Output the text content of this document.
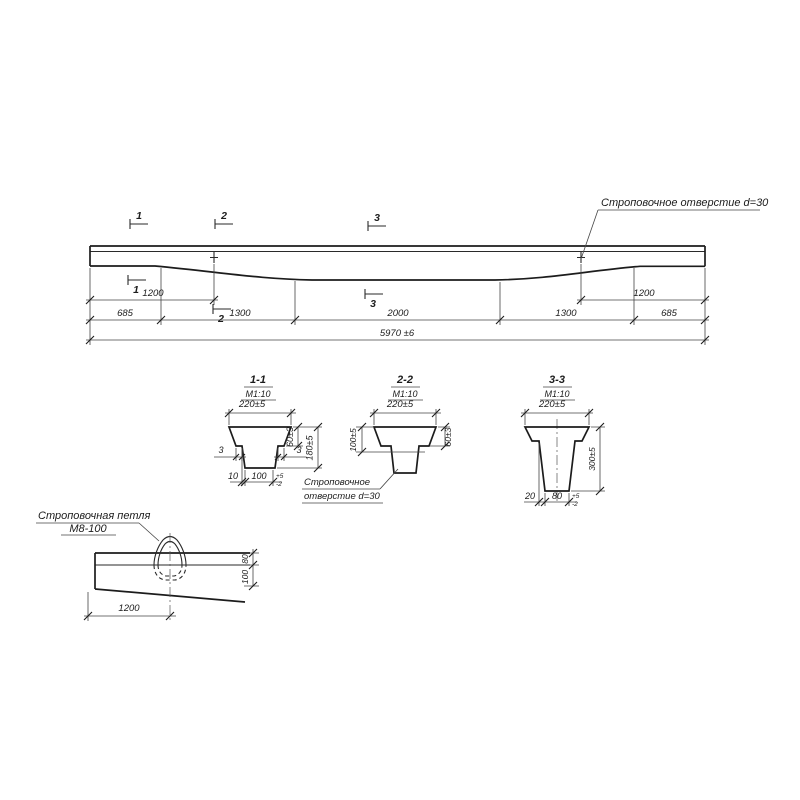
1	2	3
1
2
3
Строповочное отверстие d=30
1200	1200
685	1300	2000	1300	685
5970 ±6
1-1
М1:10
220±5
3	3
60±3 180±5
10 100 +5
-2
2-2
М1:10
220±5
100±5	60±3
Строповочное
отверстие d=30
3-3
М1:10
220±5
300±5
20 80 +5
-2
Строповочная петля
М8-100
80
100
1200
